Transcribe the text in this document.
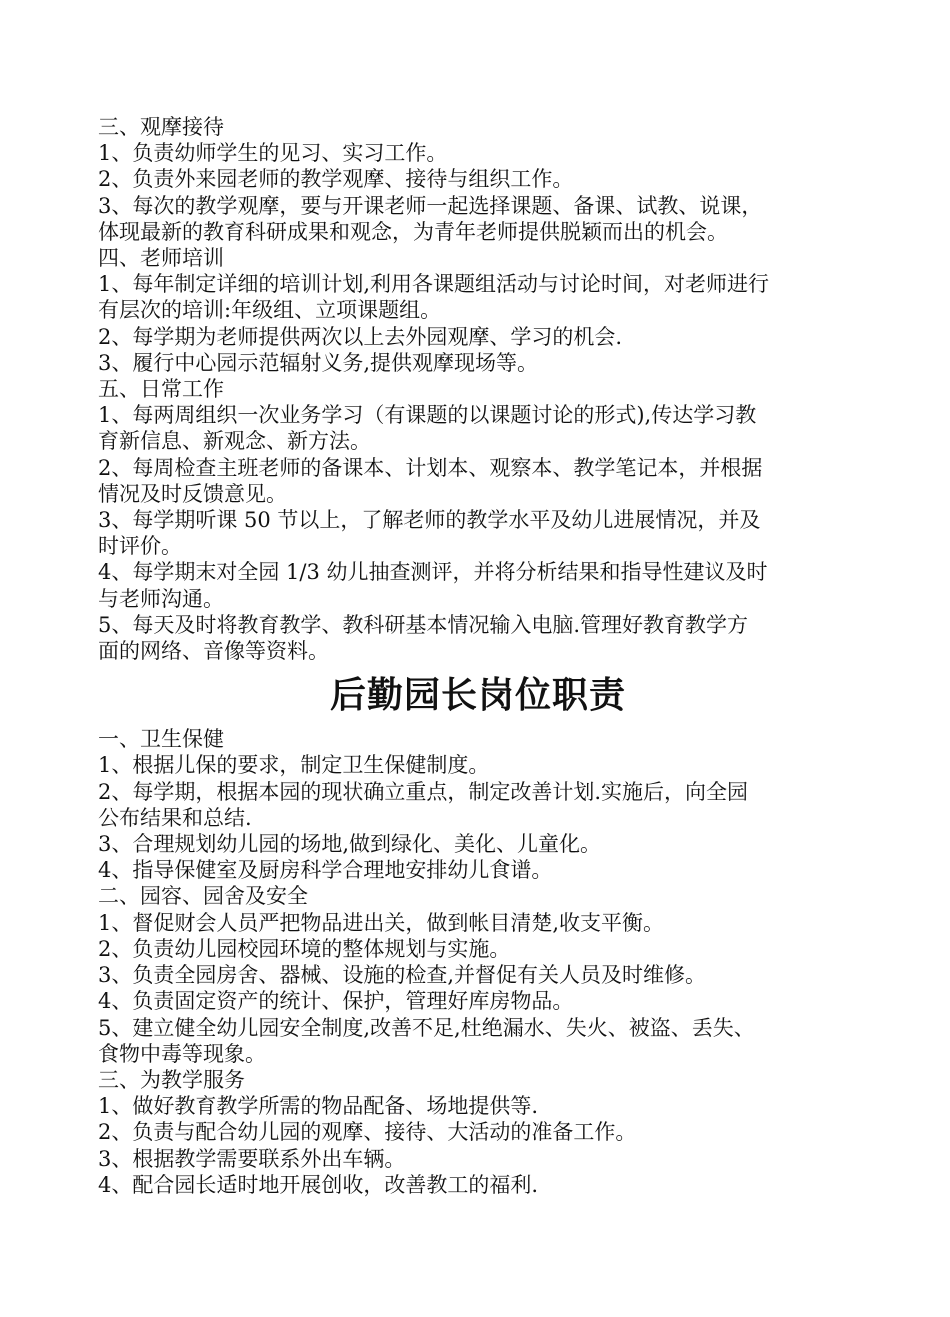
三、观摩接待

1、负责幼师学生的见习、实习工作。

2、负责外来园老师的教学观摩、接待与组织工作。

3、每次的教学观摩，要与开课老师一起选择课题、备课、试教、说课，

体现最新的教育科研成果和观念，为青年老师提供脱颖而出的机会。

四、老师培训

1、每年制定详细的培训计划,利用各课题组活动与讨论时间，对老师进行

有层次的培训:年级组、立项课题组。

2、每学期为老师提供两次以上去外园观摩、学习的机会.

3、履行中心园示范辐射义务,提供观摩现场等。

五、日常工作

1、每两周组织一次业务学习（有课题的以课题讨论的形式),传达学习教

育新信息、新观念、新方法。

2、每周检查主班老师的备课本、计划本、观察本、教学笔记本，并根据

情况及时反馈意见。

3、每学期听课 50 节以上，了解老师的教学水平及幼儿进展情况，并及

时评价。

4、每学期末对全园 1/3 幼儿抽查测评，并将分析结果和指导性建议及时

与老师沟通。

5、每天及时将教育教学、教科研基本情况输入电脑.管理好教育教学方

面的网络、音像等资料。

后勤园长岗位职责

一、卫生保健

1、根据儿保的要求，制定卫生保健制度。

2、每学期，根据本园的现状确立重点，制定改善计划.实施后，向全园

公布结果和总结.

3、合理规划幼儿园的场地,做到绿化、美化、儿童化。

4、指导保健室及厨房科学合理地安排幼儿食谱。

二、园容、园舍及安全

1、督促财会人员严把物品进出关，做到帐目清楚,收支平衡。

2、负责幼儿园校园环境的整体规划与实施。

3、负责全园房舍、器械、设施的检查,并督促有关人员及时维修。

4、负责固定资产的统计、保护，管理好库房物品。

5、建立健全幼儿园安全制度,改善不足,杜绝漏水、失火、被盗、丢失、

食物中毒等现象。

三、为教学服务

1、做好教育教学所需的物品配备、场地提供等.

2、负责与配合幼儿园的观摩、接待、大活动的准备工作。

3、根据教学需要联系外出车辆。

4、配合园长适时地开展创收，改善教工的福利.
